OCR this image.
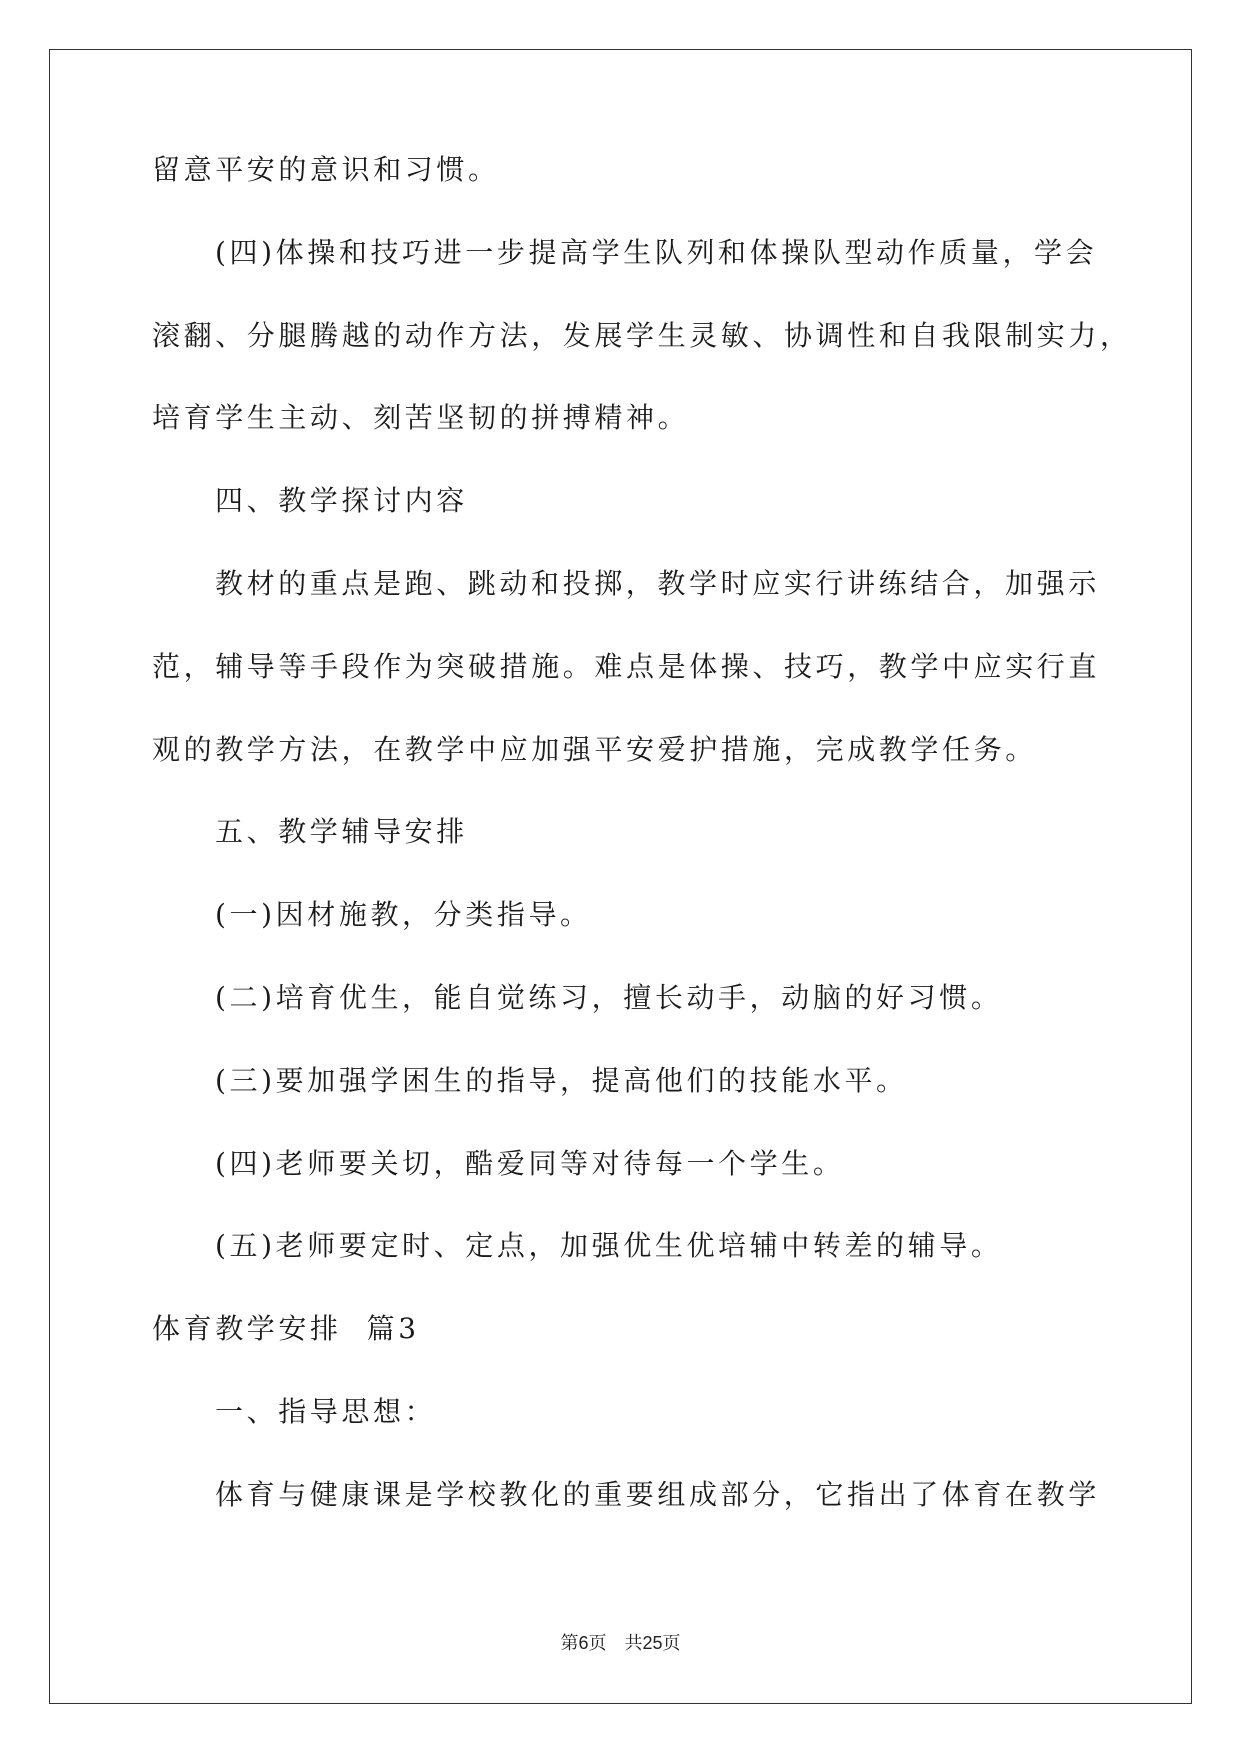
留意平安的意识和习惯。
(四)体操和技巧进一步提高学生队列和体操队型动作质量，学会
滚翻、分腿腾越的动作方法，发展学生灵敏、协调性和自我限制实力，
培育学生主动、刻苦坚韧的拼搏精神。
四、教学探讨内容
教材的重点是跑、跳动和投掷，教学时应实行讲练结合，加强示
范，辅导等手段作为突破措施。难点是体操、技巧，教学中应实行直
观的教学方法，在教学中应加强平安爱护措施，完成教学任务。
五、教学辅导安排
(一)因材施教，分类指导。
(二)培育优生，能自觉练习，擅长动手，动脑的好习惯。
(三)要加强学困生的指导，提高他们的技能水平。
(四)老师要关切，酷爱同等对待每一个学生。
(五)老师要定时、定点，加强优生优培辅中转差的辅导。
体育教学安排  篇3
一、指导思想：
体育与健康课是学校教化的重要组成部分，它指出了体育在教学
第6页 共25页
